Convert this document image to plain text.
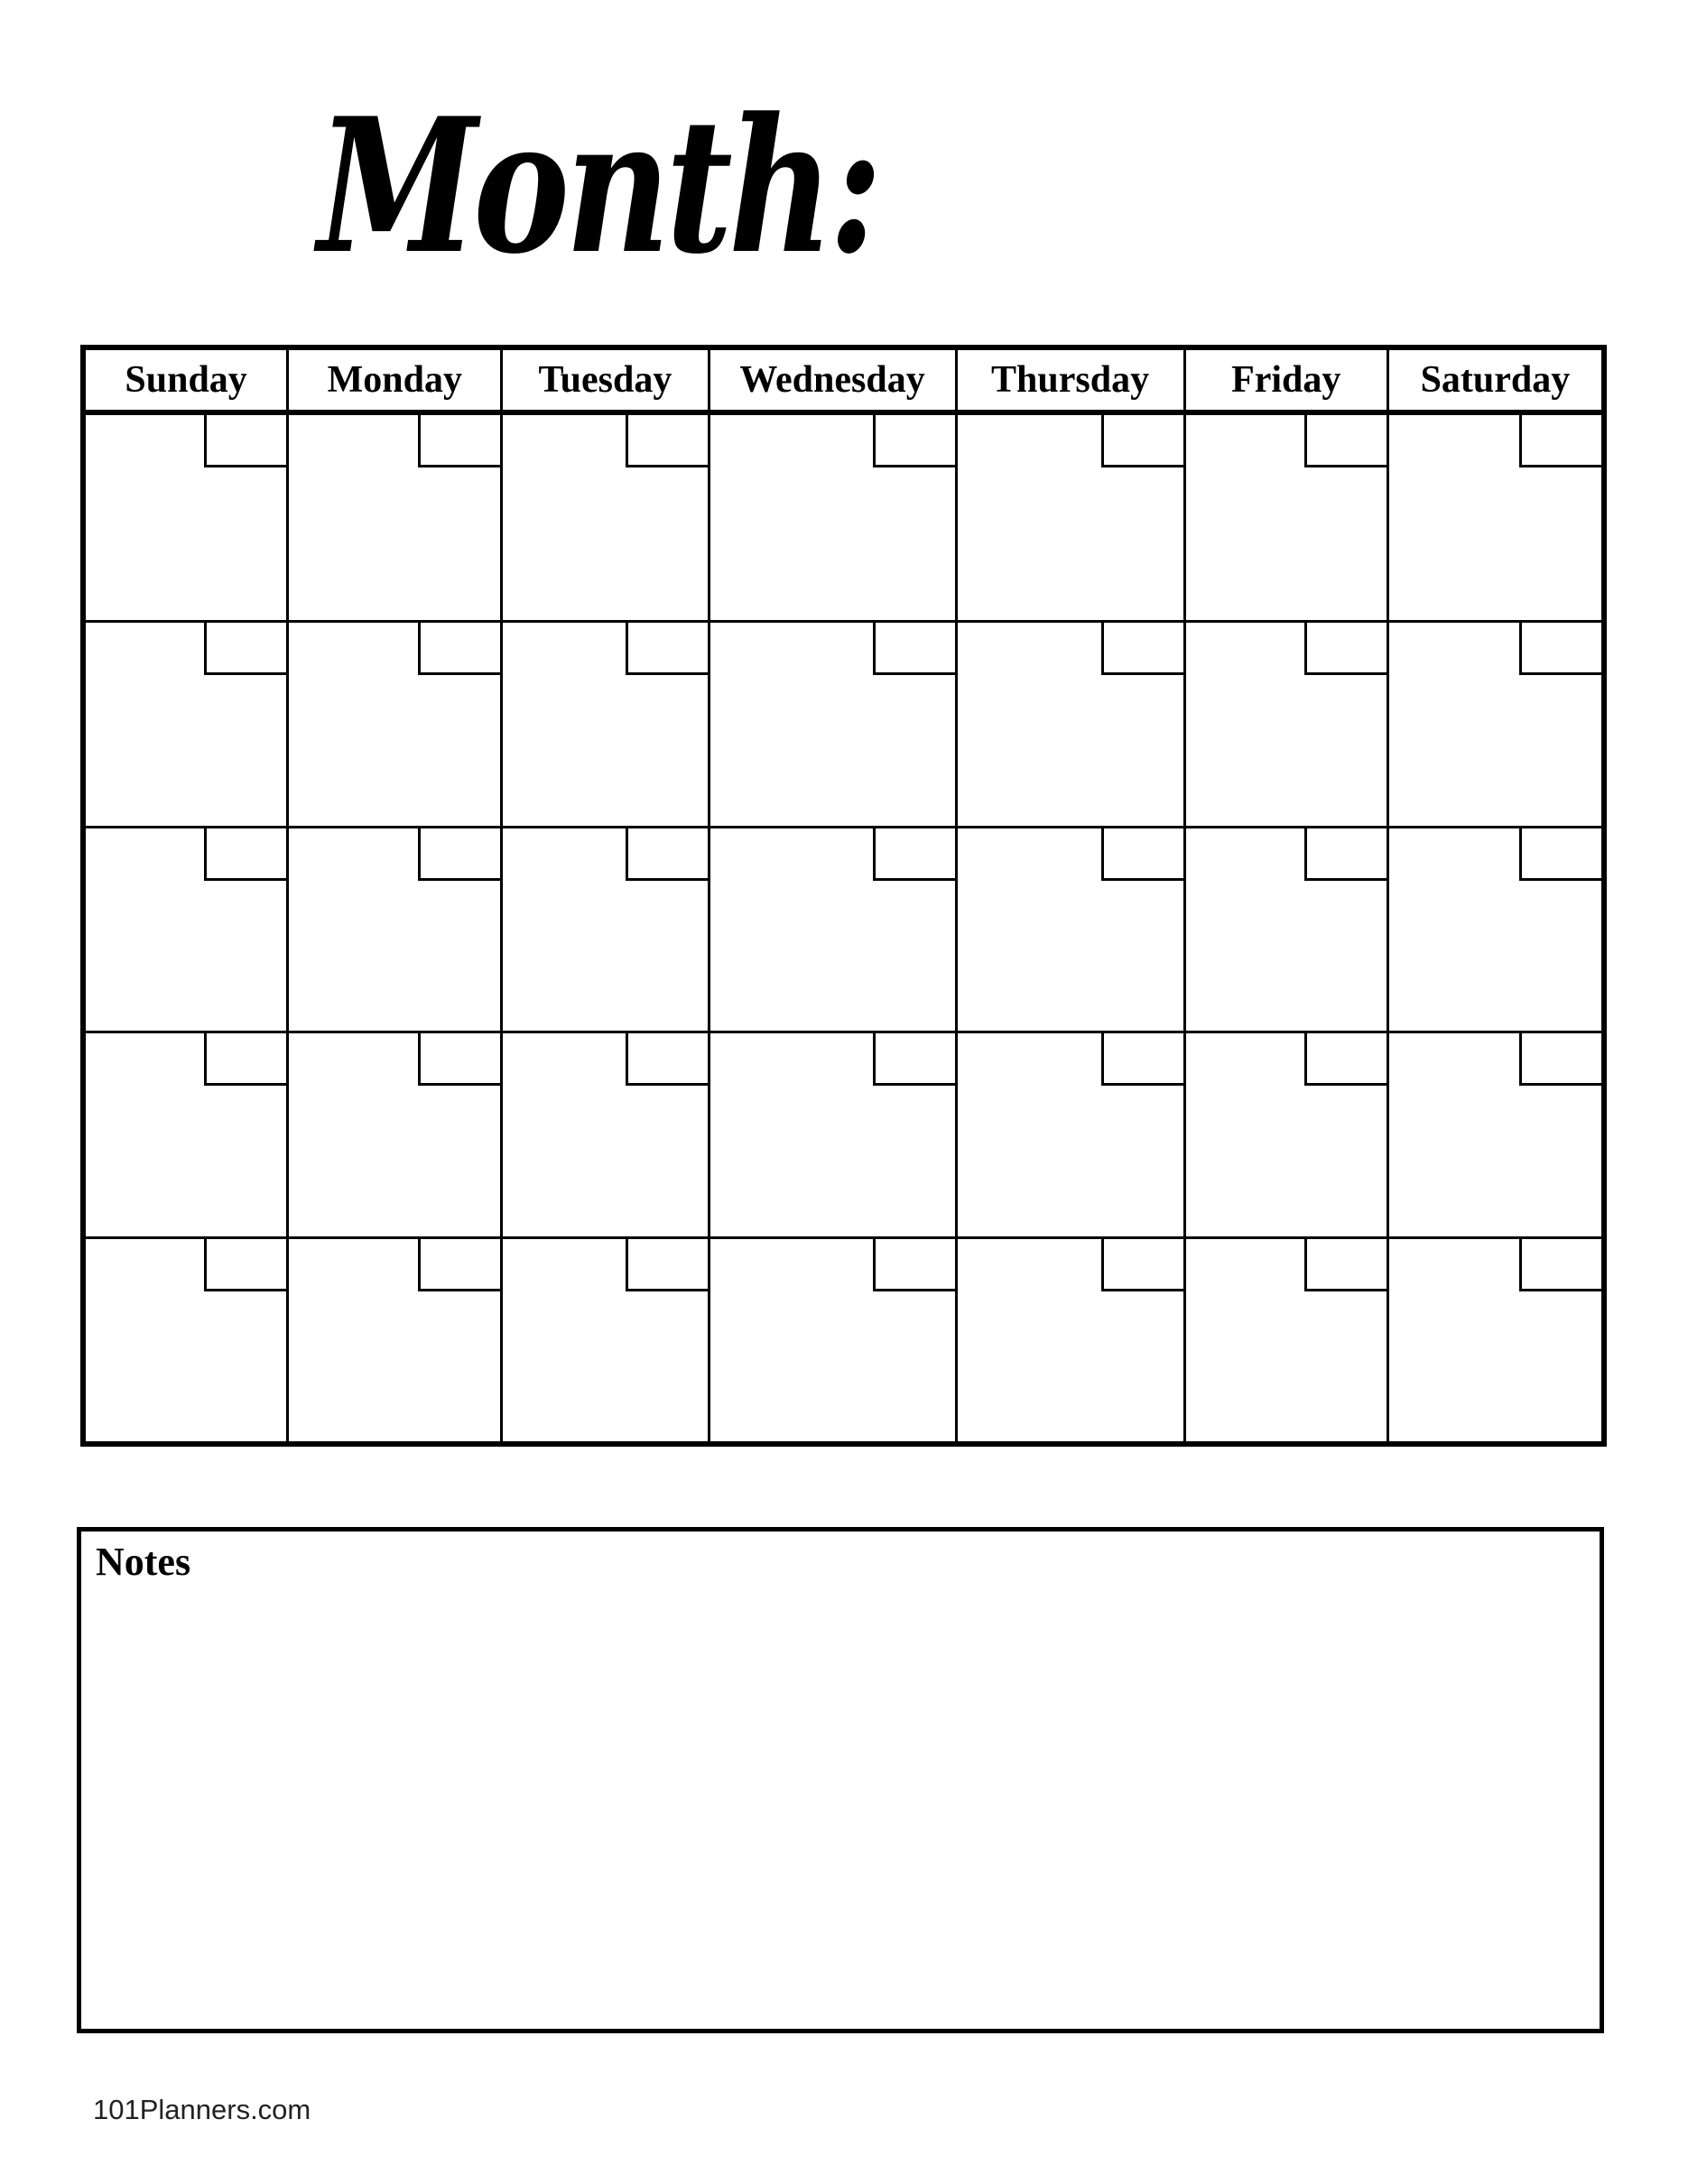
Month:
Sunday	Monday	Tuesday	Wednesday	Thursday	Friday	Saturday
Notes
101Planners.com
